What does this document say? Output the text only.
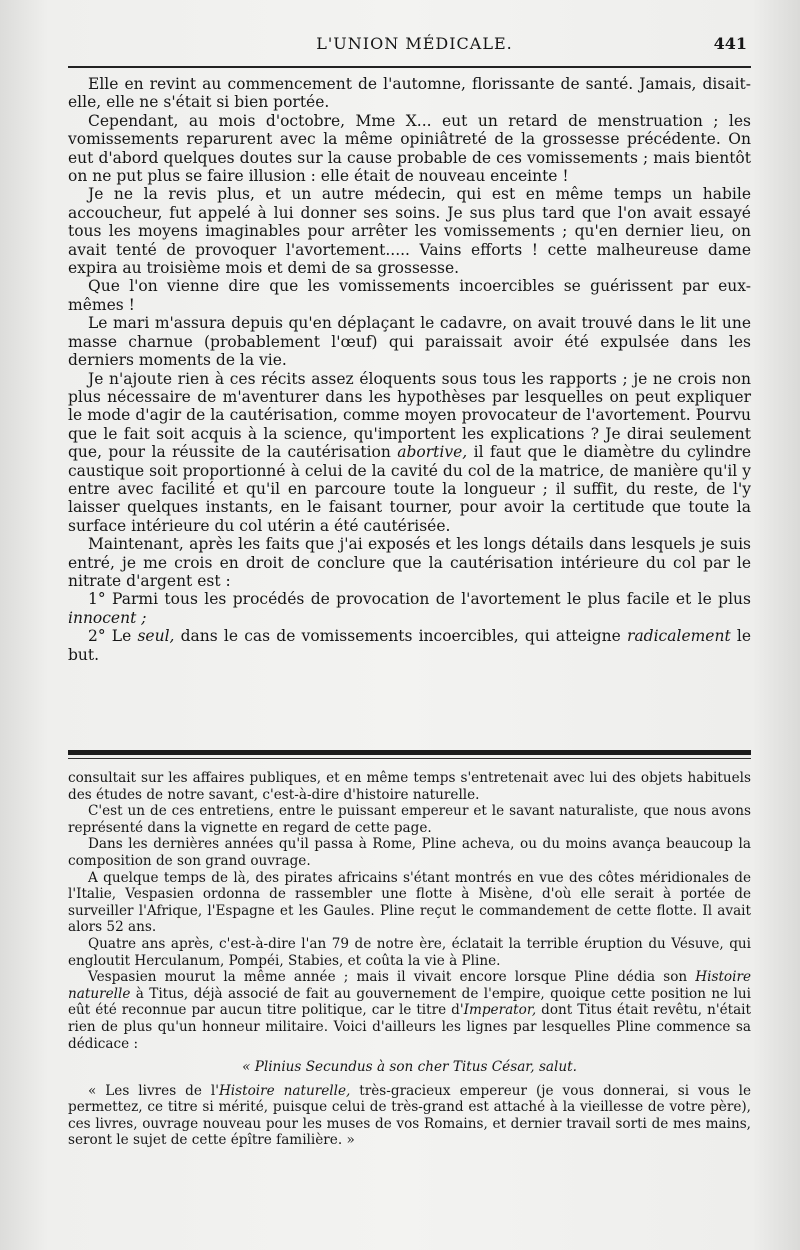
L'UNION MÉDICALE.	441

Elle en revint au commencement de l'automne, florissante de santé. Jamais, disait-elle, elle ne s'était si bien portée.

Cependant, au mois d'octobre, Mme X... eut un retard de menstruation ; les vomissements reparurent avec la même opiniâtreté de la grossesse précédente. On eut d'abord quelques doutes sur la cause probable de ces vomissements ; mais bientôt on ne put plus se faire illusion : elle était de nouveau enceinte !

Je ne la revis plus, et un autre médecin, qui est en même temps un habile accoucheur, fut appelé à lui donner ses soins. Je sus plus tard que l'on avait essayé tous les moyens imaginables pour arrêter les vomissements ; qu'en dernier lieu, on avait tenté de provoquer l'avortement..... Vains efforts ! cette malheureuse dame expira au troisième mois et demi de sa grossesse.

Que l'on vienne dire que les vomissements incoercibles se guérissent par eux-mêmes !

Le mari m'assura depuis qu'en déplaçant le cadavre, on avait trouvé dans le lit une masse charnue (probablement l'œuf) qui paraissait avoir été expulsée dans les derniers moments de la vie.

Je n'ajoute rien à ces récits assez éloquents sous tous les rapports ; je ne crois non plus nécessaire de m'aventurer dans les hypothèses par lesquelles on peut expliquer le mode d'agir de la cautérisation, comme moyen provocateur de l'avortement. Pourvu que le fait soit acquis à la science, qu'importent les explications ? Je dirai seulement que, pour la réussite de la cautérisation abortive, il faut que le diamètre du cylindre caustique soit proportionné à celui de la cavité du col de la matrice, de manière qu'il y entre avec facilité et qu'il en parcoure toute la longueur ; il suffit, du reste, de l'y laisser quelques instants, en le faisant tourner, pour avoir la certitude que toute la surface intérieure du col utérin a été cautérisée.

Maintenant, après les faits que j'ai exposés et les longs détails dans lesquels je suis entré, je me crois en droit de conclure que la cautérisation intérieure du col par le nitrate d'argent est :

1° Parmi tous les procédés de provocation de l'avortement le plus facile et le plus innocent ;

2° Le seul, dans le cas de vomissements incoercibles, qui atteigne radicalement le but.

consultait sur les affaires publiques, et en même temps s'entretenait avec lui des objets habituels des études de notre savant, c'est-à-dire d'histoire naturelle.

C'est un de ces entretiens, entre le puissant empereur et le savant naturaliste, que nous avons représenté dans la vignette en regard de cette page.

Dans les dernières années qu'il passa à Rome, Pline acheva, ou du moins avança beaucoup la composition de son grand ouvrage.

A quelque temps de là, des pirates africains s'étant montrés en vue des côtes méridionales de l'Italie, Vespasien ordonna de rassembler une flotte à Misène, d'où elle serait à portée de surveiller l'Afrique, l'Espagne et les Gaules. Pline reçut le commandement de cette flotte. Il avait alors 52 ans.

Quatre ans après, c'est-à-dire l'an 79 de notre ère, éclatait la terrible éruption du Vésuve, qui engloutit Herculanum, Pompéi, Stabies, et coûta la vie à Pline.

Vespasien mourut la même année ; mais il vivait encore lorsque Pline dédia son Histoire naturelle à Titus, déjà associé de fait au gouvernement de l'empire, quoique cette position ne lui eût été reconnue par aucun titre politique, car le titre d'Imperator, dont Titus était revêtu, n'était rien de plus qu'un honneur militaire. Voici d'ailleurs les lignes par lesquelles Pline commence sa dédicace :

« Plinius Secundus à son cher Titus César, salut.

« Les livres de l'Histoire naturelle, très-gracieux empereur (je vous donnerai, si vous le permettez, ce titre si mérité, puisque celui de très-grand est attaché à la vieillesse de votre père), ces livres, ouvrage nouveau pour les muses de vos Romains, et dernier travail sorti de mes mains, seront le sujet de cette épître familière. »
